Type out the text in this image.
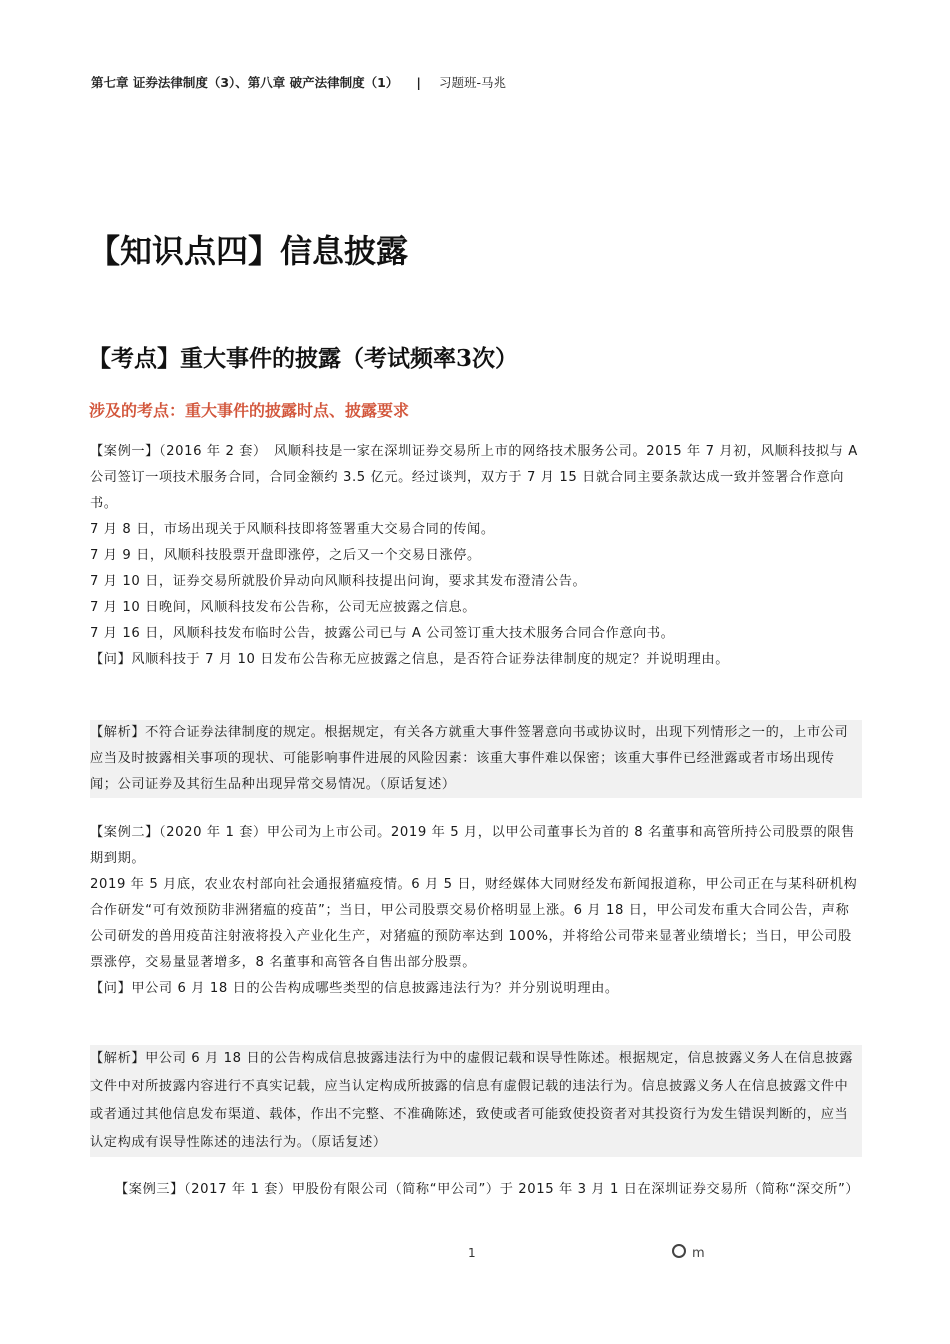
第七章 证券法律制度（3）、第八章 破产法律制度（1） | 习题班-马兆
【知识点四】信息披露
【考点】重大事件的披露（考试频率3次）
涉及的考点：重大事件的披露时点、披露要求

【案例一】（2016 年 2 套）　风顺科技是一家在深圳证券交易所上市的网络技术服务公司。2015 年 7 月初，风顺科技拟与 A 公司签订一项技术服务合同，合同金额约 3.5 亿元。经过谈判，双方于 7 月 15 日就合同主要条款达成一致并签署合作意向书。

7 月 8 日，市场出现关于风顺科技即将签署重大交易合同的传闻。

7 月 9 日，风顺科技股票开盘即涨停，之后又一个交易日涨停。

7 月 10 日，证券交易所就股价异动向风顺科技提出问询，要求其发布澄清公告。

7 月 10 日晚间，风顺科技发布公告称，公司无应披露之信息。

7 月 16 日，风顺科技发布临时公告，披露公司已与 A 公司签订重大技术服务合同合作意向书。

【问】风顺科技于 7 月 10 日发布公告称无应披露之信息，是否符合证券法律制度的规定？并说明理由。

【解析】不符合证券法律制度的规定。根据规定，有关各方就重大事件签署意向书或协议时，出现下列情形之一的，上市公司应当及时披露相关事项的现状、可能影响事件进展的风险因素：该重大事件难以保密；该重大事件已经泄露或者市场出现传闻；公司证券及其衍生品种出现异常交易情况。（原话复述）

【案例二】（2020 年 1 套）甲公司为上市公司。2019 年 5 月，以甲公司董事长为首的 8 名董事和高管所持公司股票的限售期到期。

2019 年 5 月底，农业农村部向社会通报猪瘟疫情。6 月 5 日，财经媒体大同财经发布新闻报道称，甲公司正在与某科研机构合作研发“可有效预防非洲猪瘟的疫苗”；当日，甲公司股票交易价格明显上涨。6 月 18 日，甲公司发布重大合同公告，声称公司研发的兽用疫苗注射液将投入产业化生产，对猪瘟的预防率达到 100%，并将给公司带来显著业绩增长；当日，甲公司股票涨停，交易量显著增多，8 名董事和高管各自售出部分股票。

【问】甲公司 6 月 18 日的公告构成哪些类型的信息披露违法行为？并分别说明理由。

【解析】甲公司 6 月 18 日的公告构成信息披露违法行为中的虚假记载和误导性陈述。根据规定，信息披露义务人在信息披露文件中对所披露内容进行不真实记载，应当认定构成所披露的信息有虚假记载的违法行为。信息披露义务人在信息披露文件中或者通过其他信息发布渠道、载体，作出不完整、不准确陈述，致使或者可能致使投资者对其投资行为发生错误判断的，应当认定构成有误导性陈述的违法行为。（原话复述）

【案例三】（2017 年 1 套）甲股份有限公司（简称“甲公司”）于 2015 年 3 月 1 日在深圳证券交易所（简称“深交所”）

1	m
